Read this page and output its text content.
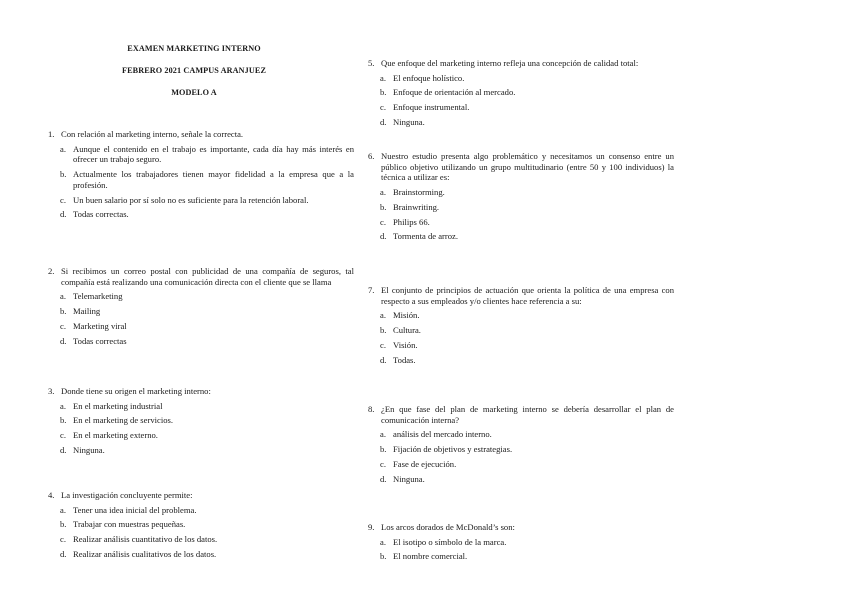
EXAMEN MARKETING INTERNO
FEBRERO 2021 CAMPUS ARANJUEZ
MODELO A
1. Con relación al marketing interno, señale la correcta.
a. Aunque el contenido en el trabajo es importante, cada día hay más interés en ofrecer un trabajo seguro.
b. Actualmente los trabajadores tienen mayor fidelidad a la empresa que a la profesión.
c. Un buen salario por sí solo no es suficiente para la retención laboral.
d. Todas correctas.
2. Si recibimos un correo postal con publicidad de una compañía de seguros, tal compañía está realizando una comunicación directa con el cliente que se llama
a. Telemarketing
b. Mailing
c. Marketing viral
d. Todas correctas
3. Donde tiene su origen el marketing interno:
a. En el marketing industrial
b. En el marketing de servicios.
c. En el marketing externo.
d. Ninguna.
4. La investigación concluyente permite:
a. Tener una idea inicial del problema.
b. Trabajar con muestras pequeñas.
c. Realizar análisis cuantitativo de los datos.
d. Realizar análisis cualitativos de los datos.
5. Que enfoque del marketing interno refleja una concepción de calidad total:
a. El enfoque holístico.
b. Enfoque de orientación al mercado.
c. Enfoque instrumental.
d. Ninguna.
6. Nuestro estudio presenta algo problemático y necesitamos un consenso entre un público objetivo utilizando un grupo multitudinario (entre 50 y 100 individuos) la técnica a utilizar es:
a. Brainstorming.
b. Brainwriting.
c. Philips 66.
d. Tormenta de arroz.
7. El conjunto de principios de actuación que orienta la política de una empresa con respecto a sus empleados y/o clientes hace referencia a su:
a. Misión.
b. Cultura.
c. Visión.
d. Todas.
8. ¿En que fase del plan de marketing interno se debería desarrollar el plan de comunicación interna?
a. análisis del mercado interno.
b. Fijación de objetivos y estrategias.
c. Fase de ejecución.
d. Ninguna.
9. Los arcos dorados de McDonald’s son:
a. El isotipo o símbolo de la marca.
b. El nombre comercial.
